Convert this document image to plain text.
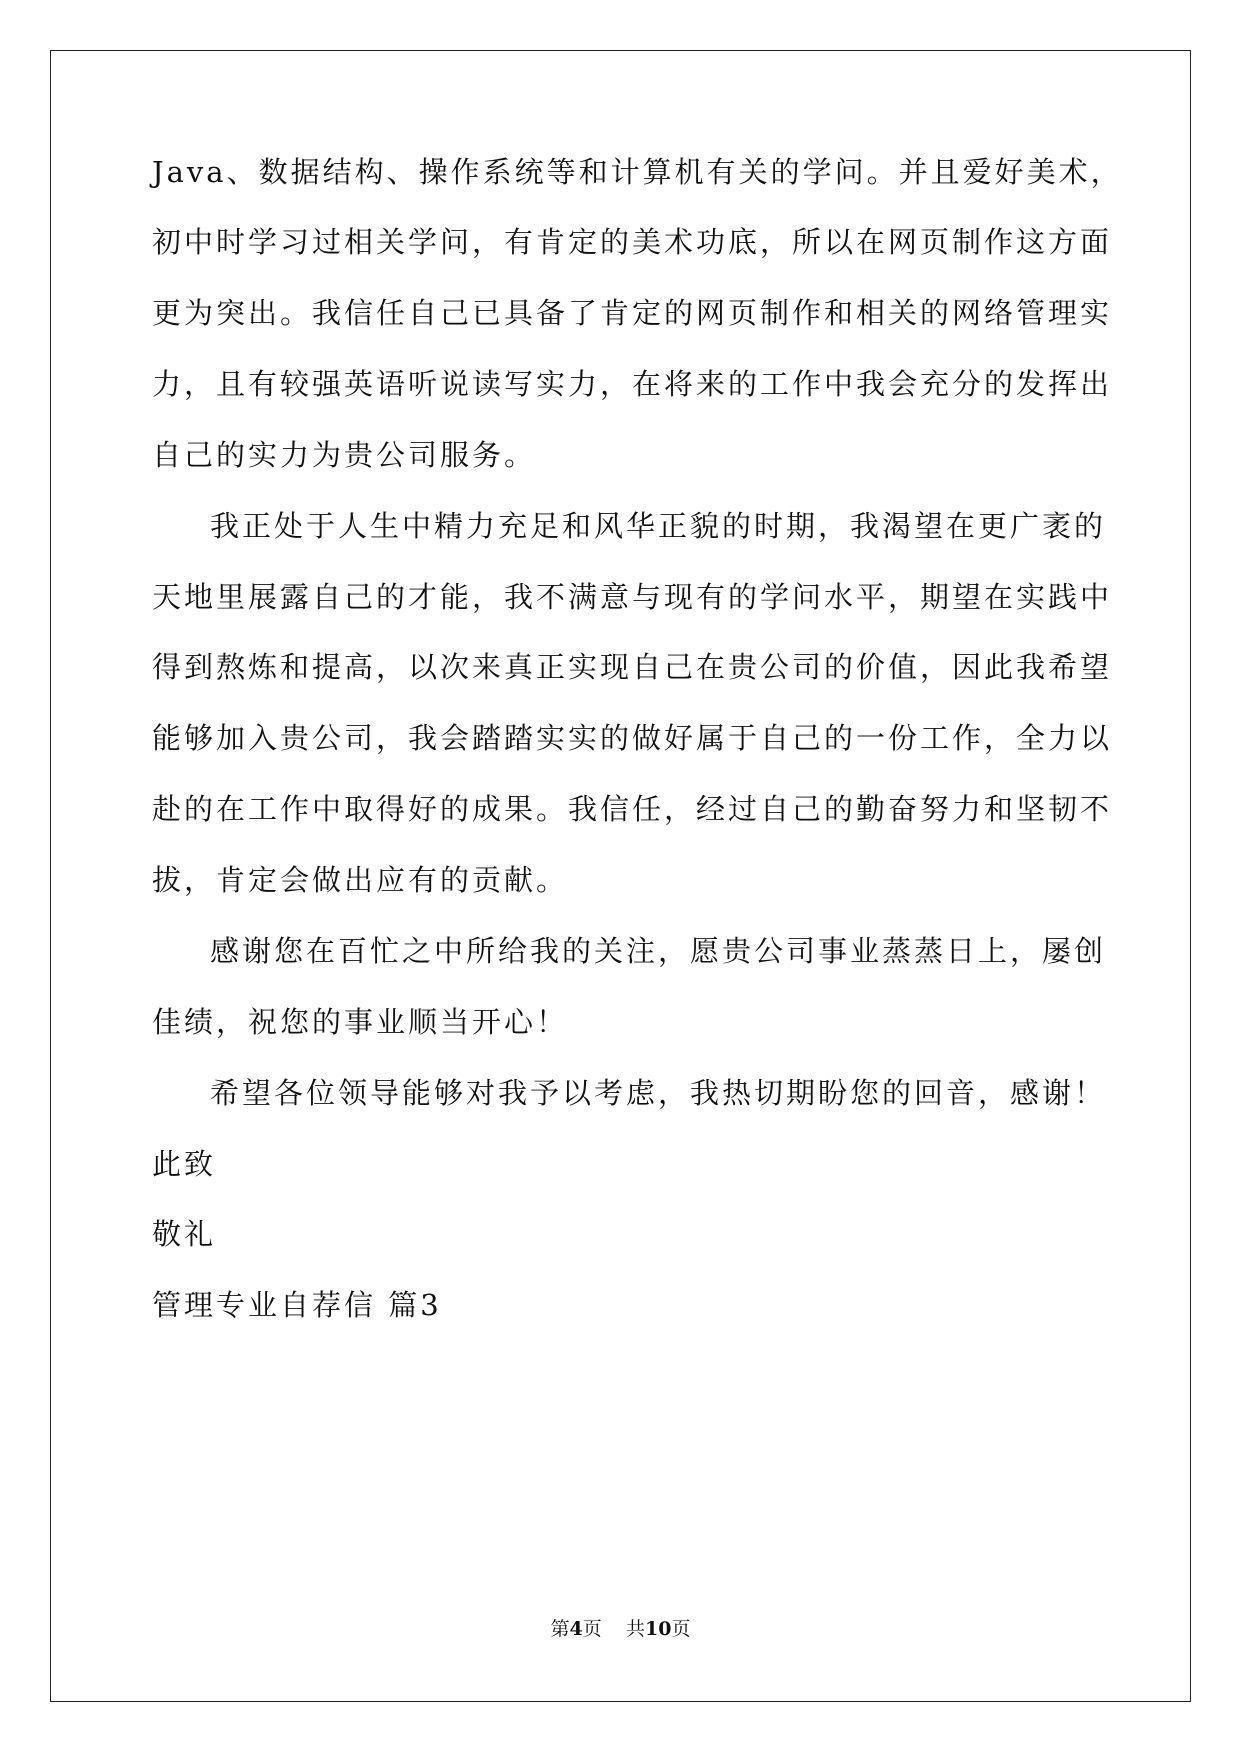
Java、数据结构、操作系统等和计算机有关的学问。并且爱好美术，
初中时学习过相关学问，有肯定的美术功底，所以在网页制作这方面
更为突出。我信任自己已具备了肯定的网页制作和相关的网络管理实
力，且有较强英语听说读写实力，在将来的工作中我会充分的发挥出
自己的实力为贵公司服务。
我正处于人生中精力充足和风华正貌的时期，我渴望在更广袤的
天地里展露自己的才能，我不满意与现有的学问水平，期望在实践中
得到熬炼和提高，以次来真正实现自己在贵公司的价值，因此我希望
能够加入贵公司，我会踏踏实实的做好属于自己的一份工作，全力以
赴的在工作中取得好的成果。我信任，经过自己的勤奋努力和坚韧不
拔，肯定会做出应有的贡献。
感谢您在百忙之中所给我的关注，愿贵公司事业蒸蒸日上，屡创
佳绩，祝您的事业顺当开心！
希望各位领导能够对我予以考虑，我热切期盼您的回音，感谢！
此致
敬礼
管理专业自荐信 篇3
第4页 共10页
